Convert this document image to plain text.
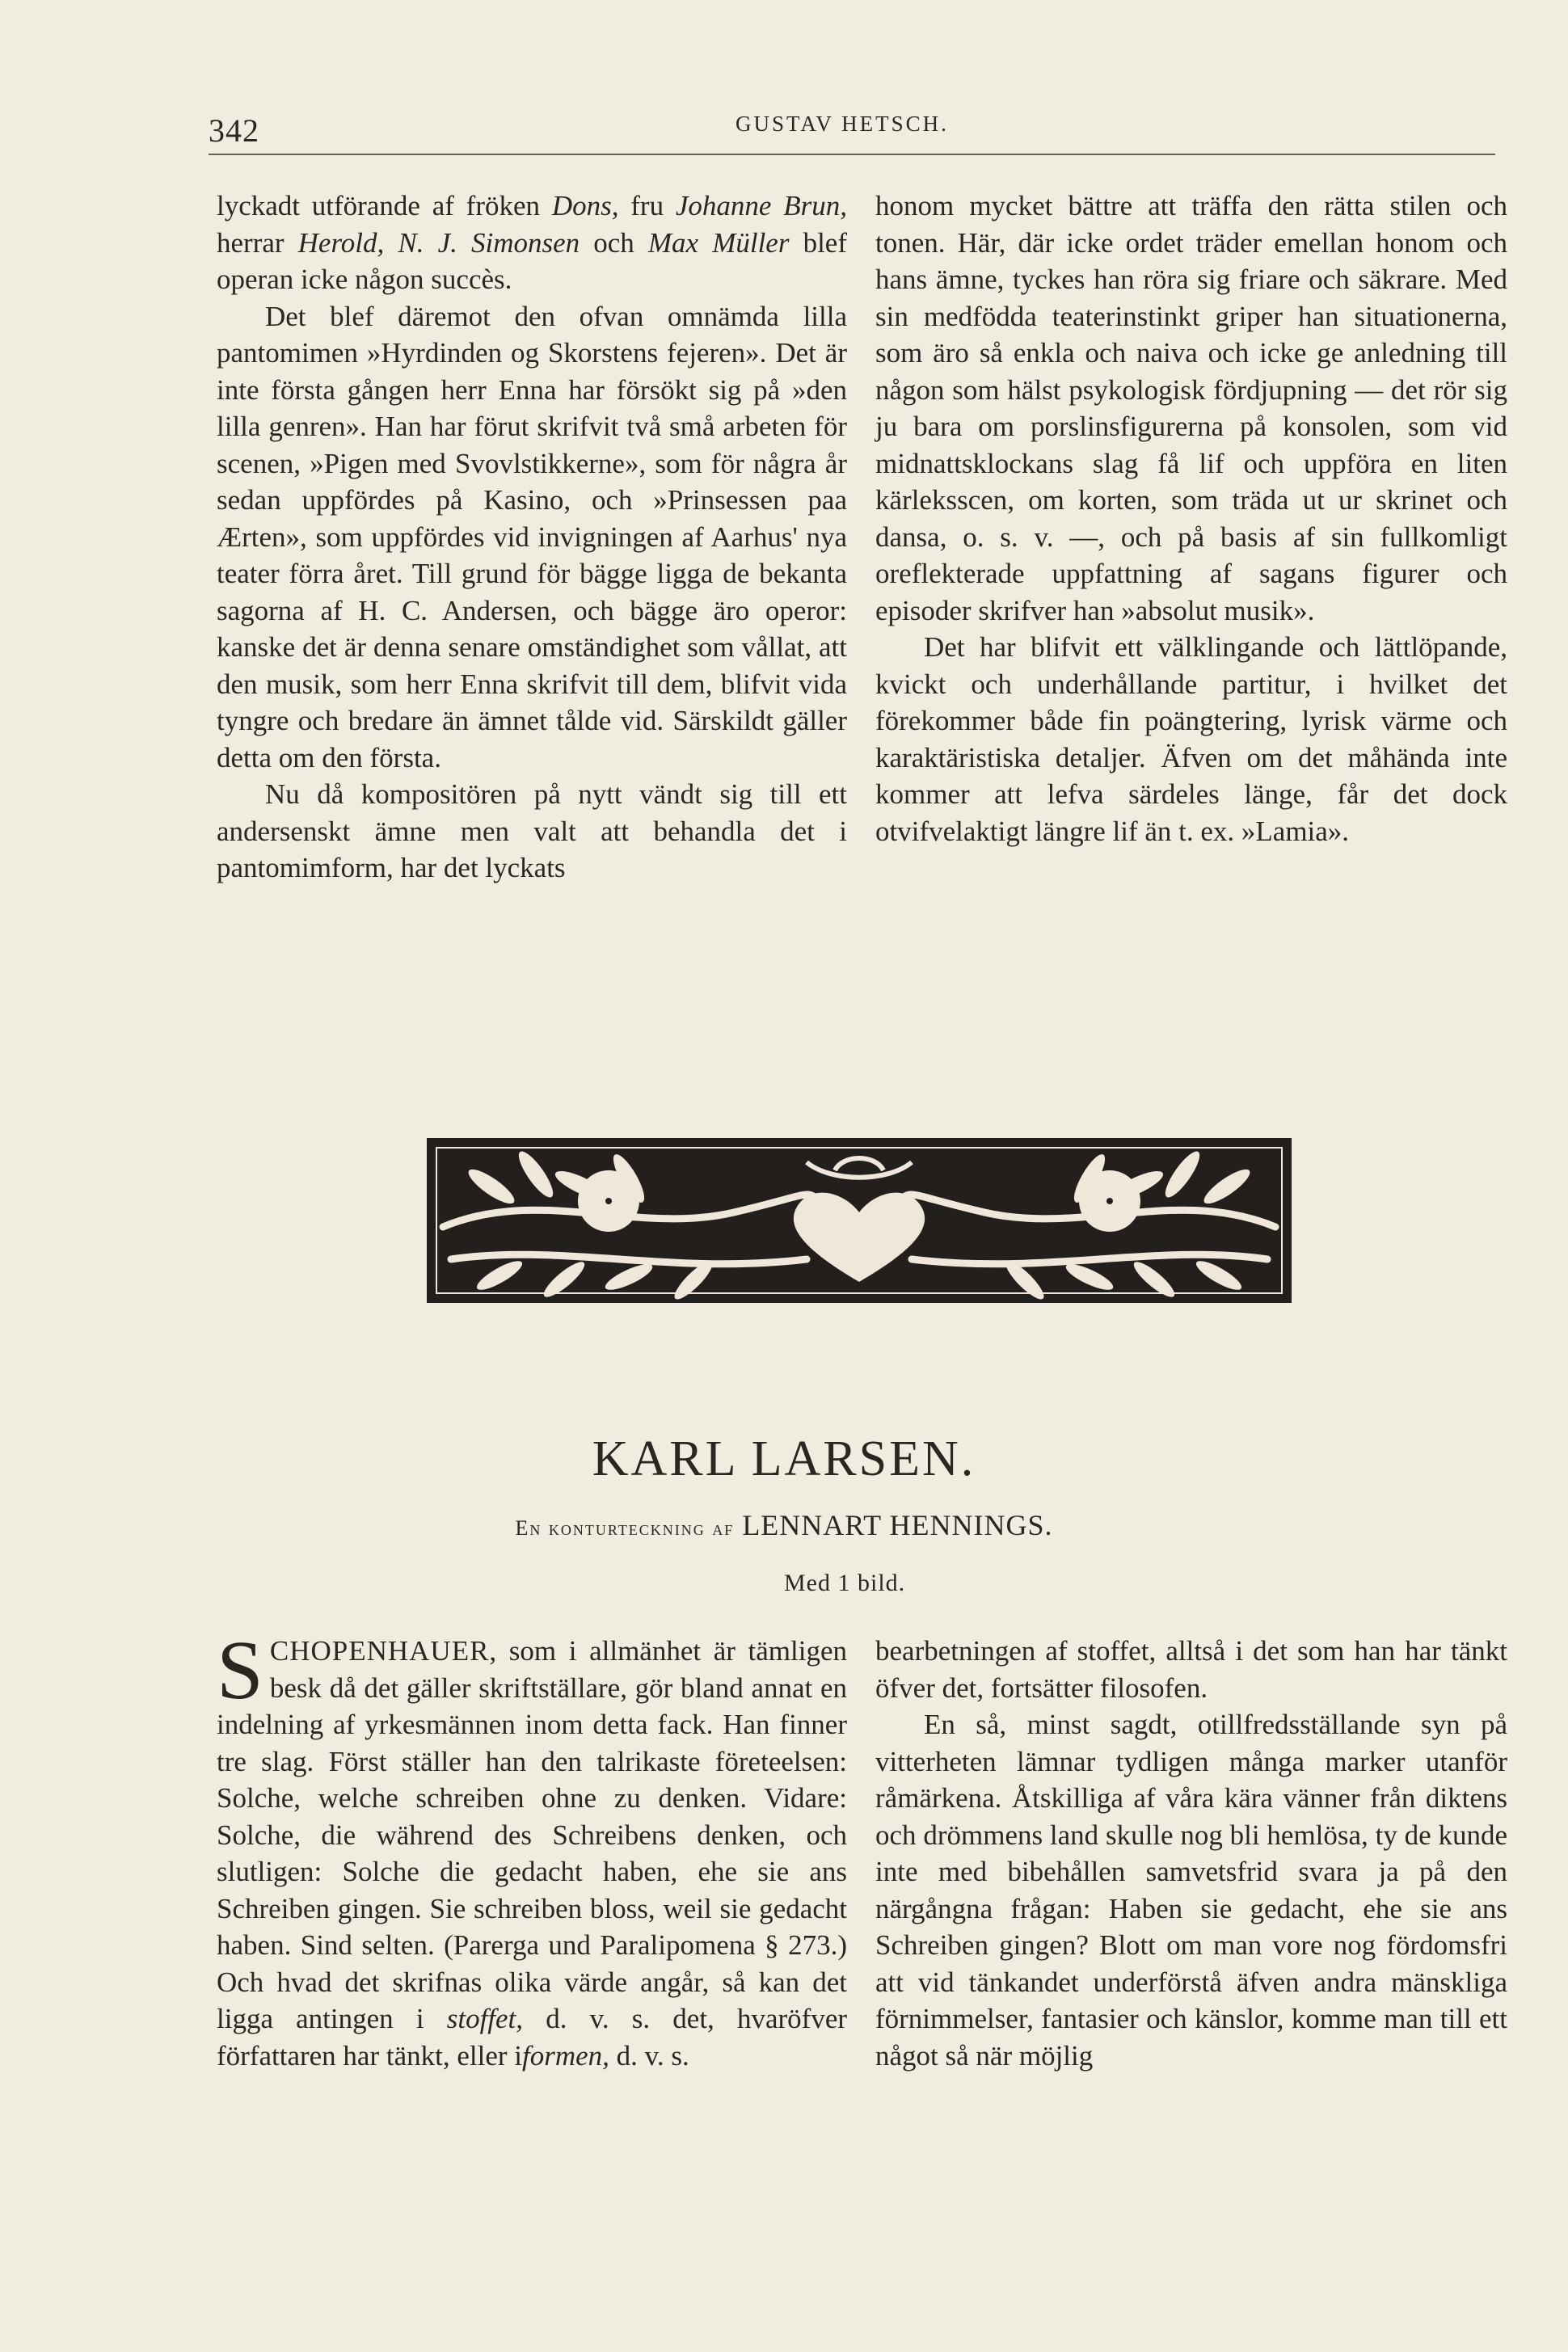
342	GUSTAV HETSCH.

lyckadt utförande af fröken Dons, fru Johanne Brun, herrar Herold, N. J. Simonsen och Max Müller blef operan icke någon succès.

Det blef däremot den ofvan omnämda lilla pantomimen »Hyrdinden og Skorstens fejeren». Det är inte första gången herr Enna har försökt sig på »den lilla genren». Han har förut skrifvit två små arbeten för scenen, »Pigen med Svovlstikkerne», som för några år sedan uppfördes på Kasino, och »Prinsessen paa Ærten», som uppfördes vid invigningen af Aarhus' nya teater förra året. Till grund för bägge ligga de bekanta sagorna af H. C. Andersen, och bägge äro operor: kanske det är denna senare omständighet som vållat, att den musik, som herr Enna skrifvit till dem, blifvit vida tyngre och bredare än ämnet tålde vid. Särskildt gäller detta om den första.

Nu då kompositören på nytt vändt sig till ett andersenskt ämne men valt att behandla det i pantomimform, har det lyckats

honom mycket bättre att träffa den rätta stilen och tonen. Här, där icke ordet träder emellan honom och hans ämne, tyckes han röra sig friare och säkrare. Med sin medfödda teaterinstinkt griper han situationerna, som äro så enkla och naiva och icke ge anledning till någon som hälst psykologisk fördjupning — det rör sig ju bara om porslinsfigurerna på konsolen, som vid midnattsklockans slag få lif och uppföra en liten kärleksscen, om korten, som träda ut ur skrinet och dansa, o. s. v. —, och på basis af sin fullkomligt oreflekterade uppfattning af sagans figurer och episoder skrifver han »absolut musik».

Det har blifvit ett välklingande och lättlöpande, kvickt och underhållande partitur, i hvilket det förekommer både fin poängtering, lyrisk värme och karaktäristiska detaljer. Äfven om det måhända inte kommer att lefva särdeles länge, får det dock otvifvelaktigt längre lif än t. ex. »Lamia».

KARL LARSEN.
En konturteckning af LENNART HENNINGS.
Med 1 bild.

SCHOPENHAUER, som i allmänhet är tämligen besk då det gäller skriftställare, gör bland annat en indelning af yrkesmännen inom detta fack. Han finner tre slag. Först ställer han den talrikaste företeelsen: Solche, welche schreiben ohne zu denken. Vidare: Solche, die während des Schreibens denken, och slutligen: Solche die gedacht haben, ehe sie ans Schreiben gingen. Sie schreiben bloss, weil sie gedacht haben. Sind selten. (Parerga und Paralipomena § 273.) Och hvad det skrifnas olika värde angår, så kan det ligga antingen i stoffet, d. v. s. det, hvaröfver författaren har tänkt, eller iformen, d. v. s.

bearbetningen af stoffet, alltså i det som han har tänkt öfver det, fortsätter filosofen.

En så, minst sagdt, otillfredsställande syn på vitterheten lämnar tydligen många marker utanför råmärkena. Åtskilliga af våra kära vänner från diktens och drömmens land skulle nog bli hemlösa, ty de kunde inte med bibehållen samvetsfrid svara ja på den närgångna frågan: Haben sie gedacht, ehe sie ans Schreiben gingen? Blott om man vore nog fördomsfri att vid tänkandet underförstå äfven andra mänskliga förnimmelser, fantasier och känslor, komme man till ett något så när möjlig
